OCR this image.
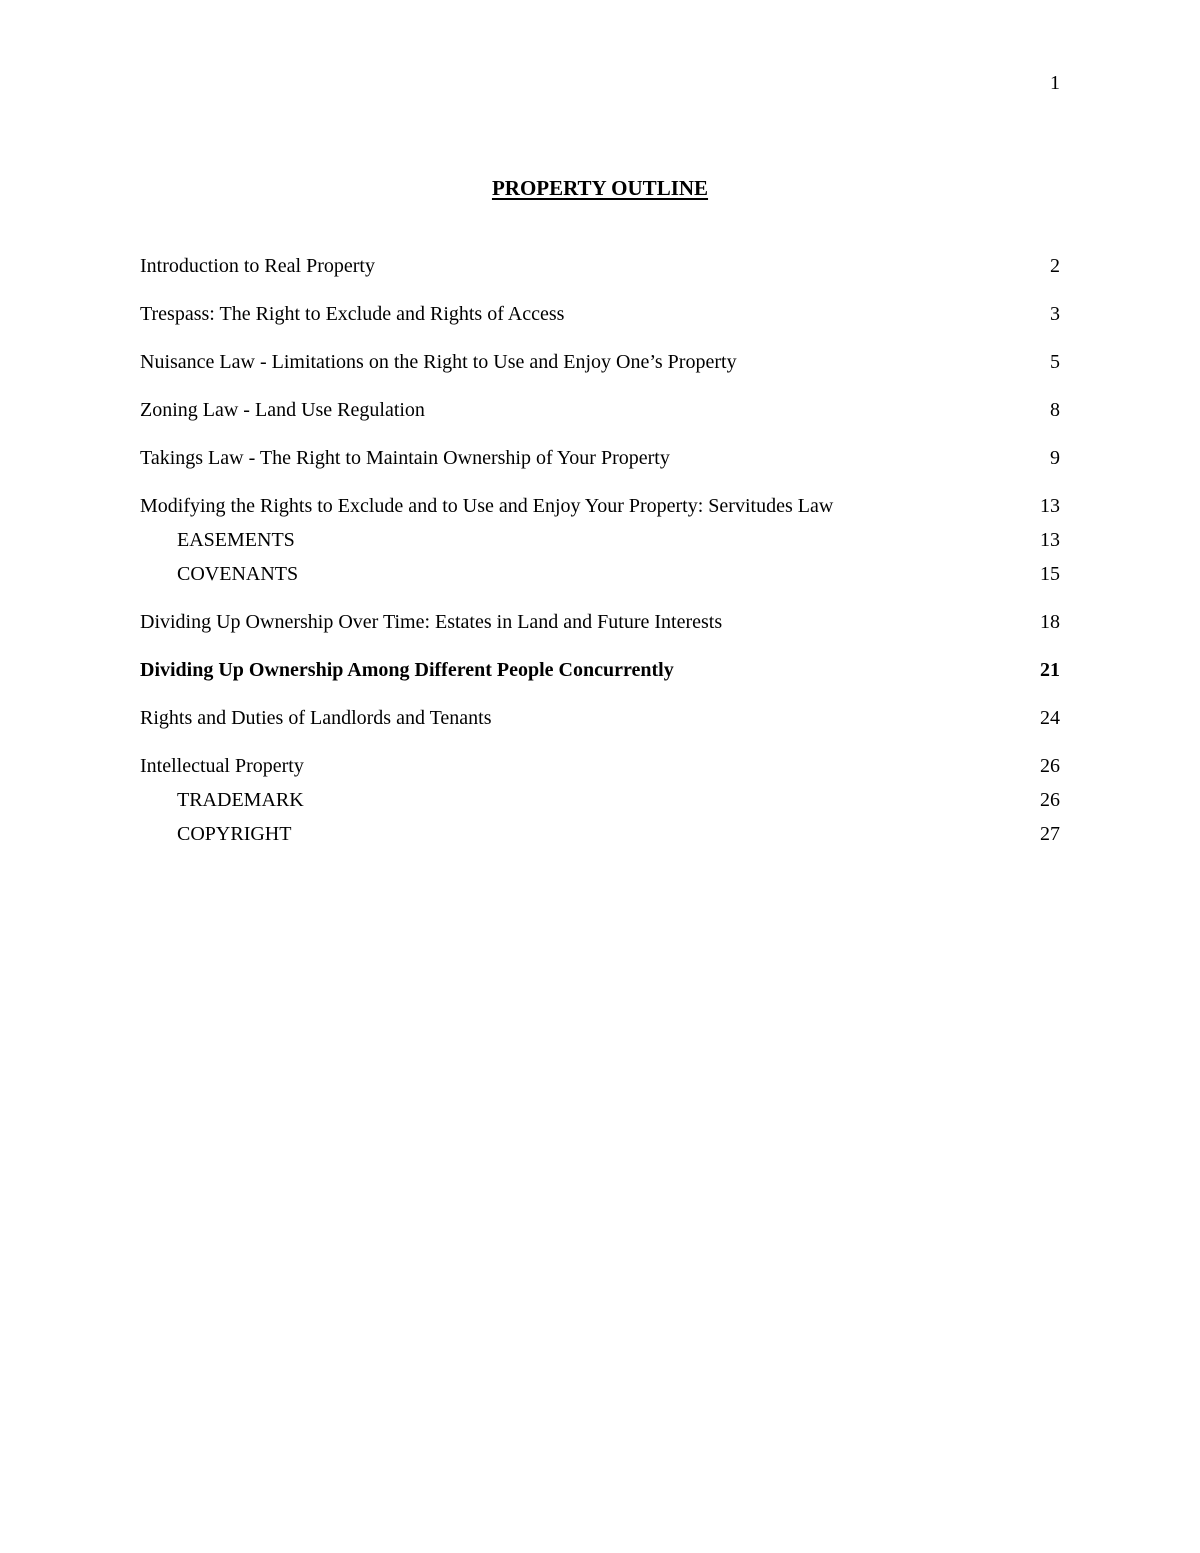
1
PROPERTY OUTLINE
Introduction to Real Property	2
Trespass: The Right to Exclude and Rights of Access	3
Nuisance Law - Limitations on the Right to Use and Enjoy One’s Property	5
Zoning Law - Land Use Regulation	8
Takings Law - The Right to Maintain Ownership of Your Property	9
Modifying the Rights to Exclude and to Use and Enjoy Your Property: Servitudes Law	13
EASEMENTS	13
COVENANTS	15
Dividing Up Ownership Over Time: Estates in Land and Future Interests	18
Dividing Up Ownership Among Different People Concurrently	21
Rights and Duties of Landlords and Tenants	24
Intellectual Property	26
TRADEMARK	26
COPYRIGHT	27
